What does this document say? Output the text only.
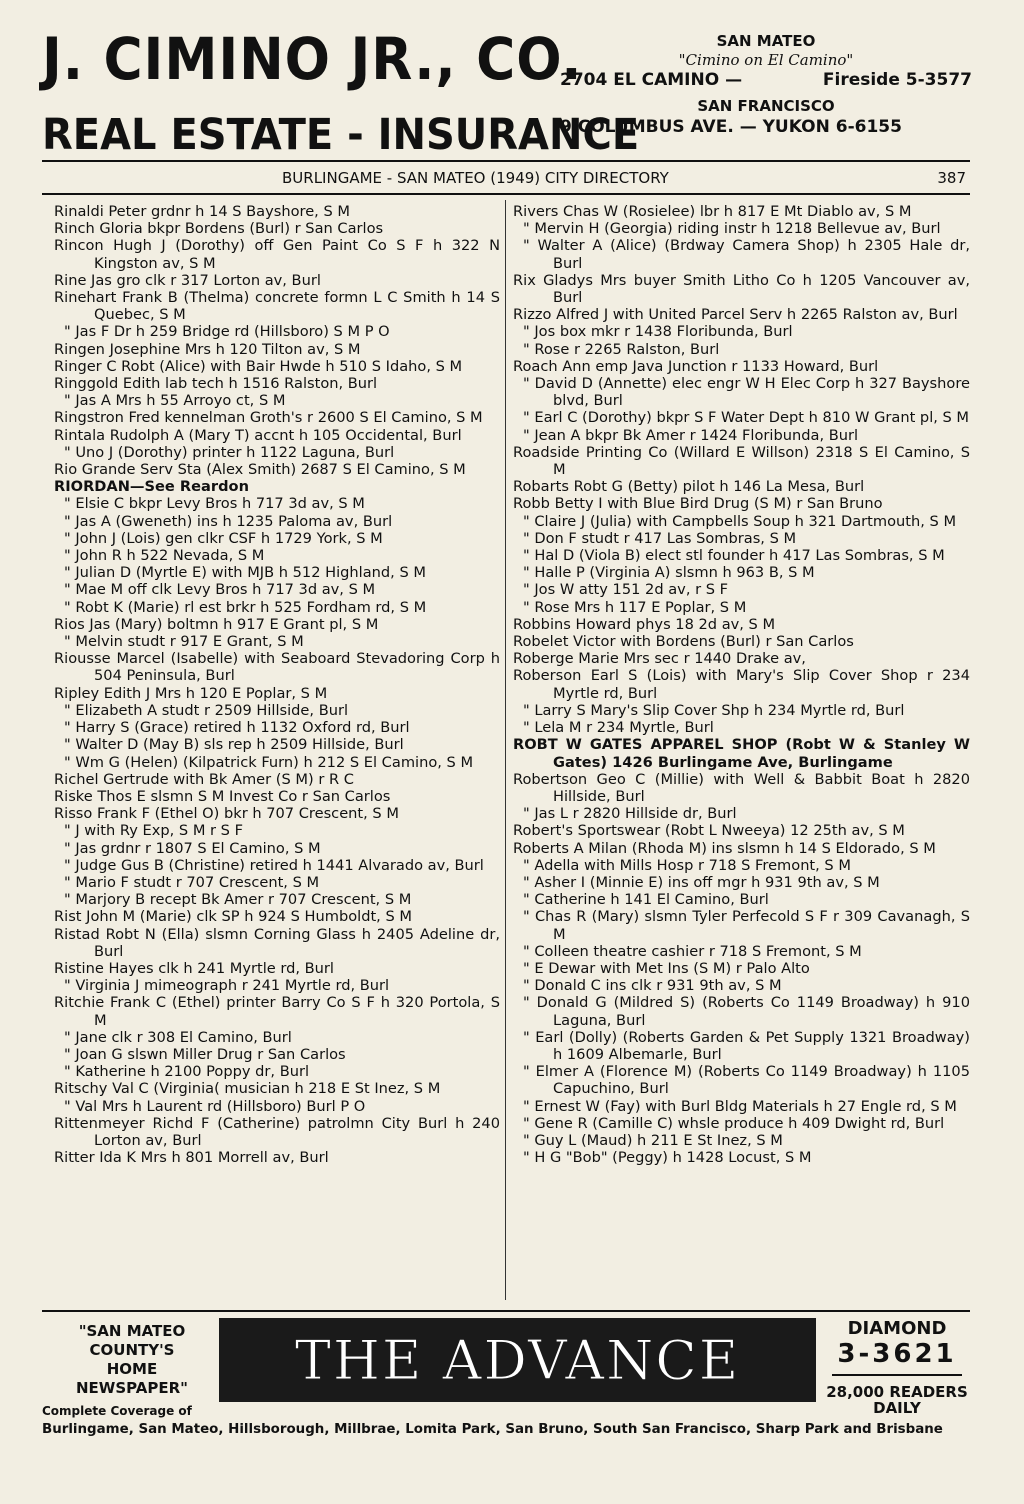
J. CIMINO JR., CO.
REAL ESTATE - INSURANCE
SAN MATEO
"Cimino on El Camino"
2704 EL CAMINO —	Fireside 5-3577
SAN FRANCISCO
9 COLUMBUS AVE. — YUKON 6-6155
BURLINGAME - SAN MATEO (1949) CITY DIRECTORY	387

Rinaldi Peter grdnr h 14 S Bayshore, S M

Rinch Gloria bkpr Bordens (Burl) r San Carlos

Rincon Hugh J (Dorothy) off Gen Paint Co S F h 322 N Kingston av, S M

Rine Jas gro clk r 317 Lorton av, Burl

Rinehart Frank B (Thelma) concrete formn L C Smith h 14 S Quebec, S M

" Jas F Dr h 259 Bridge rd (Hillsboro) S M P O

Ringen Josephine Mrs h 120 Tilton av, S M

Ringer C Robt (Alice) with Bair Hwde h 510 S Idaho, S M

Ringgold Edith lab tech h 1516 Ralston, Burl

" Jas A Mrs h 55 Arroyo ct, S M

Ringstron Fred kennelman Groth's r 2600 S El Camino, S M

Rintala Rudolph A (Mary T) accnt h 105 Occidental, Burl

" Uno J (Dorothy) printer h 1122 Laguna, Burl

Rio Grande Serv Sta (Alex Smith) 2687 S El Camino, S M

RIORDAN—See Reardon

" Elsie C bkpr Levy Bros h 717 3d av, S M

" Jas A (Gweneth) ins h 1235 Paloma av, Burl

" John J (Lois) gen clkr CSF h 1729 York, S M

" John R h 522 Nevada, S M

" Julian D (Myrtle E) with MJB h 512 Highland, S M

" Mae M off clk Levy Bros h 717 3d av, S M

" Robt K (Marie) rl est brkr h 525 Fordham rd, S M

Rios Jas (Mary) boltmn h 917 E Grant pl, S M

" Melvin studt r 917 E Grant, S M

Riousse Marcel (Isabelle) with Seaboard Stevadoring Corp h 504 Peninsula, Burl

Ripley Edith J Mrs h 120 E Poplar, S M

" Elizabeth A studt r 2509 Hillside, Burl

" Harry S (Grace) retired h 1132 Oxford rd, Burl

" Walter D (May B) sls rep h 2509 Hillside, Burl

" Wm G (Helen) (Kilpatrick Furn) h 212 S El Camino, S M

Richel Gertrude with Bk Amer (S M) r R C

Riske Thos E slsmn S M Invest Co r San Carlos

Risso Frank F (Ethel O) bkr h 707 Crescent, S M

" J with Ry Exp, S M r S F

" Jas grdnr r 1807 S El Camino, S M

" Judge Gus B (Christine) retired h 1441 Alvarado av, Burl

" Mario F studt r 707 Crescent, S M

" Marjory B recept Bk Amer r 707 Crescent, S M

Rist John M (Marie) clk SP h 924 S Humboldt, S M

Ristad Robt N (Ella) slsmn Corning Glass h 2405 Adeline dr, Burl

Ristine Hayes clk h 241 Myrtle rd, Burl

" Virginia J mimeograph r 241 Myrtle rd, Burl

Ritchie Frank C (Ethel) printer Barry Co S F h 320 Portola, S M

" Jane clk r 308 El Camino, Burl

" Joan G slswn Miller Drug r San Carlos

" Katherine h 2100 Poppy dr, Burl

Ritschy Val C (Virginia( musician h 218 E St Inez, S M

" Val Mrs h Laurent rd (Hillsboro) Burl P O

Rittenmeyer Richd F (Catherine) patrolmn City Burl h 240 Lorton av, Burl

Ritter Ida K Mrs h 801 Morrell av, Burl

Rivers Chas W (Rosielee) lbr h 817 E Mt Diablo av, S M

" Mervin H (Georgia) riding instr h 1218 Bellevue av, Burl

" Walter A (Alice) (Brdway Camera Shop) h 2305 Hale dr, Burl

Rix Gladys Mrs buyer Smith Litho Co h 1205 Vancouver av, Burl

Rizzo Alfred J with United Parcel Serv h 2265 Ralston av, Burl

" Jos box mkr r 1438 Floribunda, Burl

" Rose r 2265 Ralston, Burl

Roach Ann emp Java Junction r 1133 Howard, Burl

" David D (Annette) elec engr W H Elec Corp h 327 Bayshore blvd, Burl

" Earl C (Dorothy) bkpr S F Water Dept h 810 W Grant pl, S M

" Jean A bkpr Bk Amer r 1424 Floribunda, Burl

Roadside Printing Co (Willard E Willson) 2318 S El Camino, S M

Robarts Robt G (Betty) pilot h 146 La Mesa, Burl

Robb Betty I with Blue Bird Drug (S M) r San Bruno

" Claire J (Julia) with Campbells Soup h 321 Dartmouth, S M

" Don F studt r 417 Las Sombras, S M

" Hal D (Viola B) elect stl founder h 417 Las Sombras, S M

" Halle P (Virginia A) slsmn h 963 B, S M

" Jos W atty 151 2d av, r S F

" Rose Mrs h 117 E Poplar, S M

Robbins Howard phys 18 2d av, S M

Robelet Victor with Bordens (Burl) r San Carlos

Roberge Marie Mrs sec r 1440 Drake av,

Roberson Earl S (Lois) with Mary's Slip Cover Shop r 234 Myrtle rd, Burl

" Larry S Mary's Slip Cover Shp h 234 Myrtle rd, Burl

" Lela M r 234 Myrtle, Burl

ROBT W GATES APPAREL SHOP (Robt W & Stanley W Gates) 1426 Burlingame Ave, Burlingame

Robertson Geo C (Millie) with Well & Babbit Boat h 2820 Hillside, Burl

" Jas L r 2820 Hillside dr, Burl

Robert's Sportswear (Robt L Nweeya) 12 25th av, S M

Roberts A Milan (Rhoda M) ins slsmn h 14 S Eldorado, S M

" Adella with Mills Hosp r 718 S Fremont, S M

" Asher I (Minnie E) ins off mgr h 931 9th av, S M

" Catherine h 141 El Camino, Burl

" Chas R (Mary) slsmn Tyler Perfecold S F r 309 Cavanagh, S M

" Colleen theatre cashier r 718 S Fremont, S M

" E Dewar with Met Ins (S M) r Palo Alto

" Donald C ins clk r 931 9th av, S M

" Donald G (Mildred S) (Roberts Co 1149 Broadway) h 910 Laguna, Burl

" Earl (Dolly) (Roberts Garden & Pet Supply 1321 Broadway) h 1609 Albemarle, Burl

" Elmer A (Florence M) (Roberts Co 1149 Broadway) h 1105 Capuchino, Burl

" Ernest W (Fay) with Burl Bldg Materials h 27 Engle rd, S M

" Gene R (Camille C) whsle produce h 409 Dwight rd, Burl

" Guy L (Maud) h 211 E St Inez, S M

" H G "Bob" (Peggy) h 1428 Locust, S M

"SAN MATEO
COUNTY'S
HOME
NEWSPAPER"	THE ADVANCE	DIAMOND
3-3621
28,000 READERS
DAILY
Complete Coverage of
Burlingame, San Mateo, Hillsborough, Millbrae, Lomita Park, San Bruno, South San Francisco, Sharp Park and Brisbane
